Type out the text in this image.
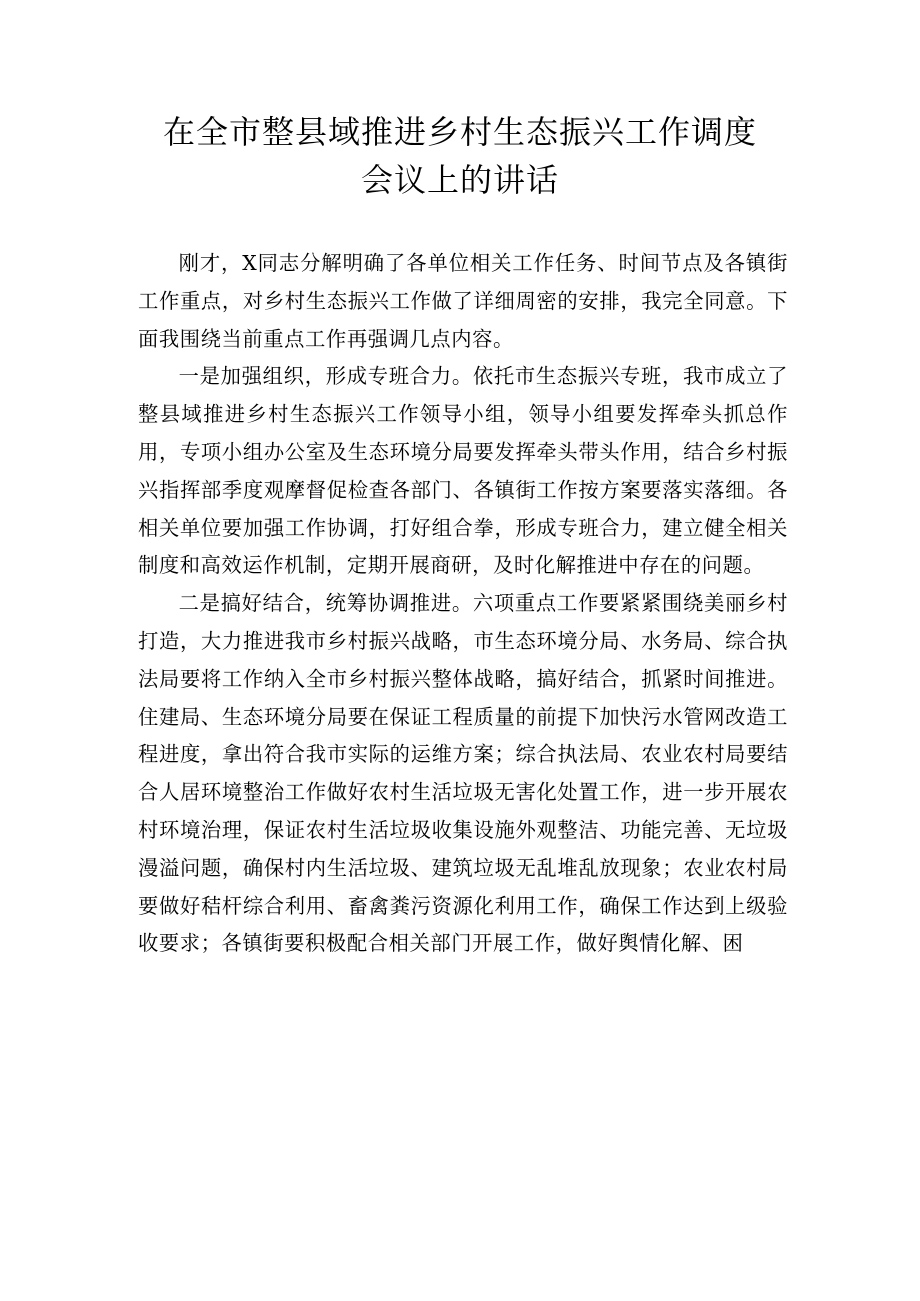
在全市整县域推进乡村生态振兴工作调度
会议上的讲话

刚才，X同志分解明确了各单位相关工作任务、时间节点及各镇街工作重点，对乡村生态振兴工作做了详细周密的安排，我完全同意。下面我围绕当前重点工作再强调几点内容。

一是加强组织，形成专班合力。依托市生态振兴专班，我市成立了整县域推进乡村生态振兴工作领导小组，领导小组要发挥牵头抓总作用，专项小组办公室及生态环境分局要发挥牵头带头作用，结合乡村振兴指挥部季度观摩督促检查各部门、各镇街工作按方案要落实落细。各相关单位要加强工作协调，打好组合拳，形成专班合力，建立健全相关制度和高效运作机制，定期开展商研，及时化解推进中存在的问题。

二是搞好结合，统筹协调推进。六项重点工作要紧紧围绕美丽乡村打造，大力推进我市乡村振兴战略，市生态环境分局、水务局、综合执法局要将工作纳入全市乡村振兴整体战略，搞好结合，抓紧时间推进。住建局、生态环境分局要在保证工程质量的前提下加快污水管网改造工程进度，拿出符合我市实际的运维方案；综合执法局、农业农村局要结合人居环境整治工作做好农村生活垃圾无害化处置工作，进一步开展农村环境治理，保证农村生活垃圾收集设施外观整洁、功能完善、无垃圾漫溢问题，确保村内生活垃圾、建筑垃圾无乱堆乱放现象；农业农村局要做好秸杆综合利用、畜禽粪污资源化利用工作，确保工作达到上级验收要求；各镇街要积极配合相关部门开展工作，做好舆情化解、困
